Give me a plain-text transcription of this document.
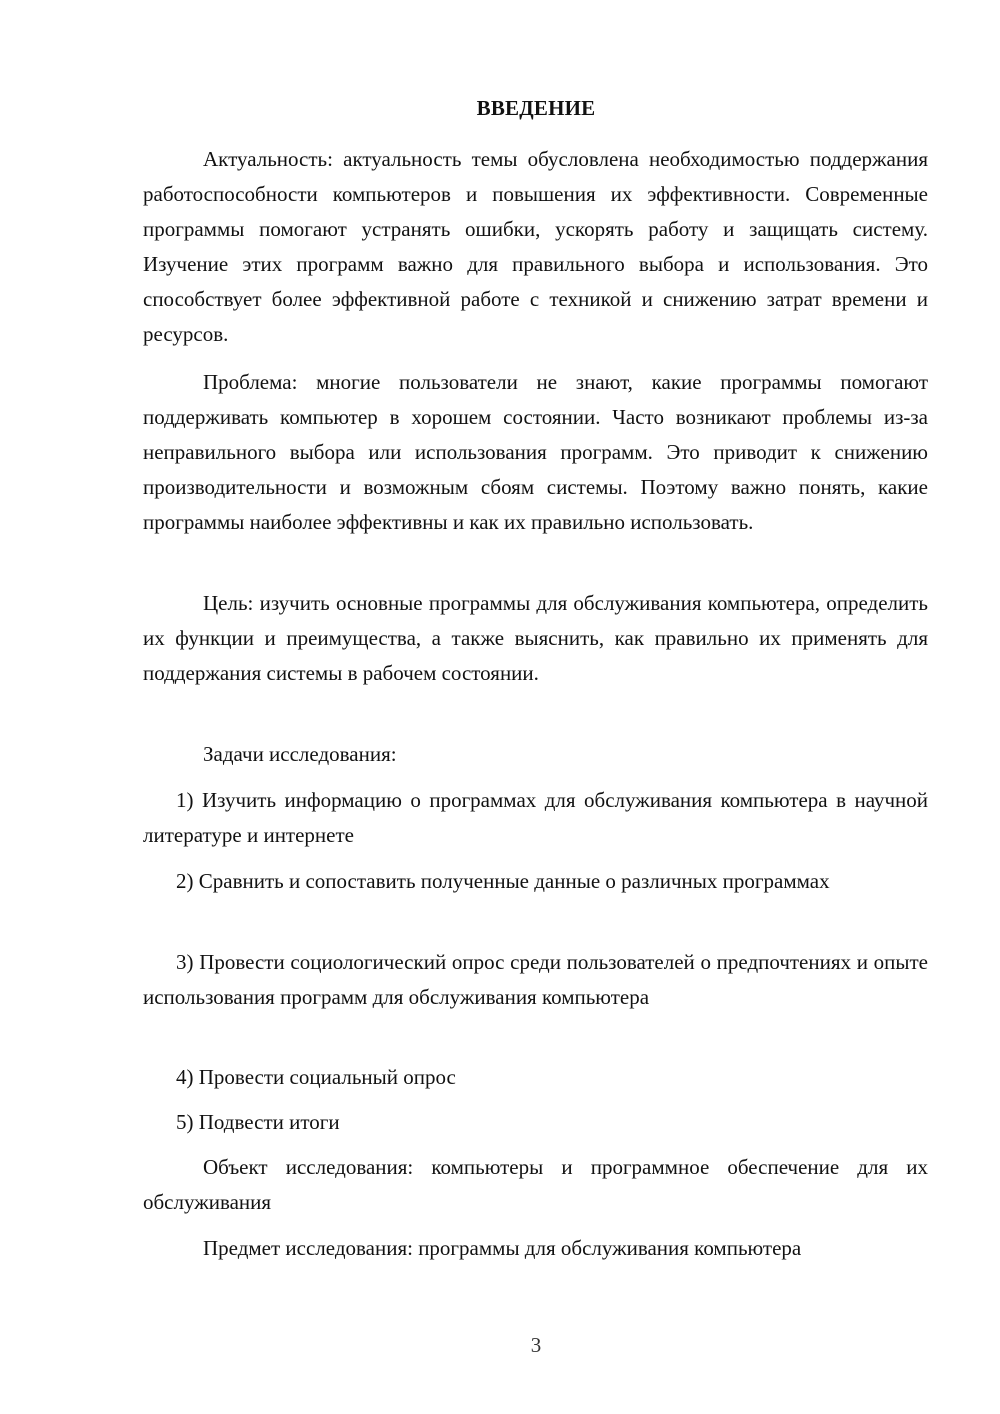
ВВЕДЕНИЕ

Актуальность: актуальность темы обусловлена необходимостью поддержания работоспособности компьютеров и повышения их эффективности. Современные программы помогают устранять ошибки, ускорять работу и защищать систему. Изучение этих программ важно для правильного выбора и использования. Это способствует более эффективной работе с техникой и снижению затрат времени и ресурсов.

Проблема: многие пользователи не знают, какие программы помогают поддерживать компьютер в хорошем состоянии. Часто возникают проблемы из-за неправильного выбора или использования программ. Это приводит к снижению производительности и возможным сбоям системы. Поэтому важно понять, какие программы наиболее эффективны и как их правильно использовать.

Цель: изучить основные программы для обслуживания компьютера, определить их функции и преимущества, а также выяснить, как правильно их применять для поддержания системы в рабочем состоянии.

Задачи исследования:

1) Изучить информацию о программах для обслуживания компьютера в научной литературе и интернете

2) Сравнить и сопоставить полученные данные о различных программах

3) Провести социологический опрос среди пользователей о предпочтениях и опыте использования программ для обслуживания компьютера

4) Провести социальный опрос

5) Подвести итоги

Объект исследования: компьютеры и программное обеспечение для их обслуживания

Предмет исследования: программы для обслуживания компьютера

3
